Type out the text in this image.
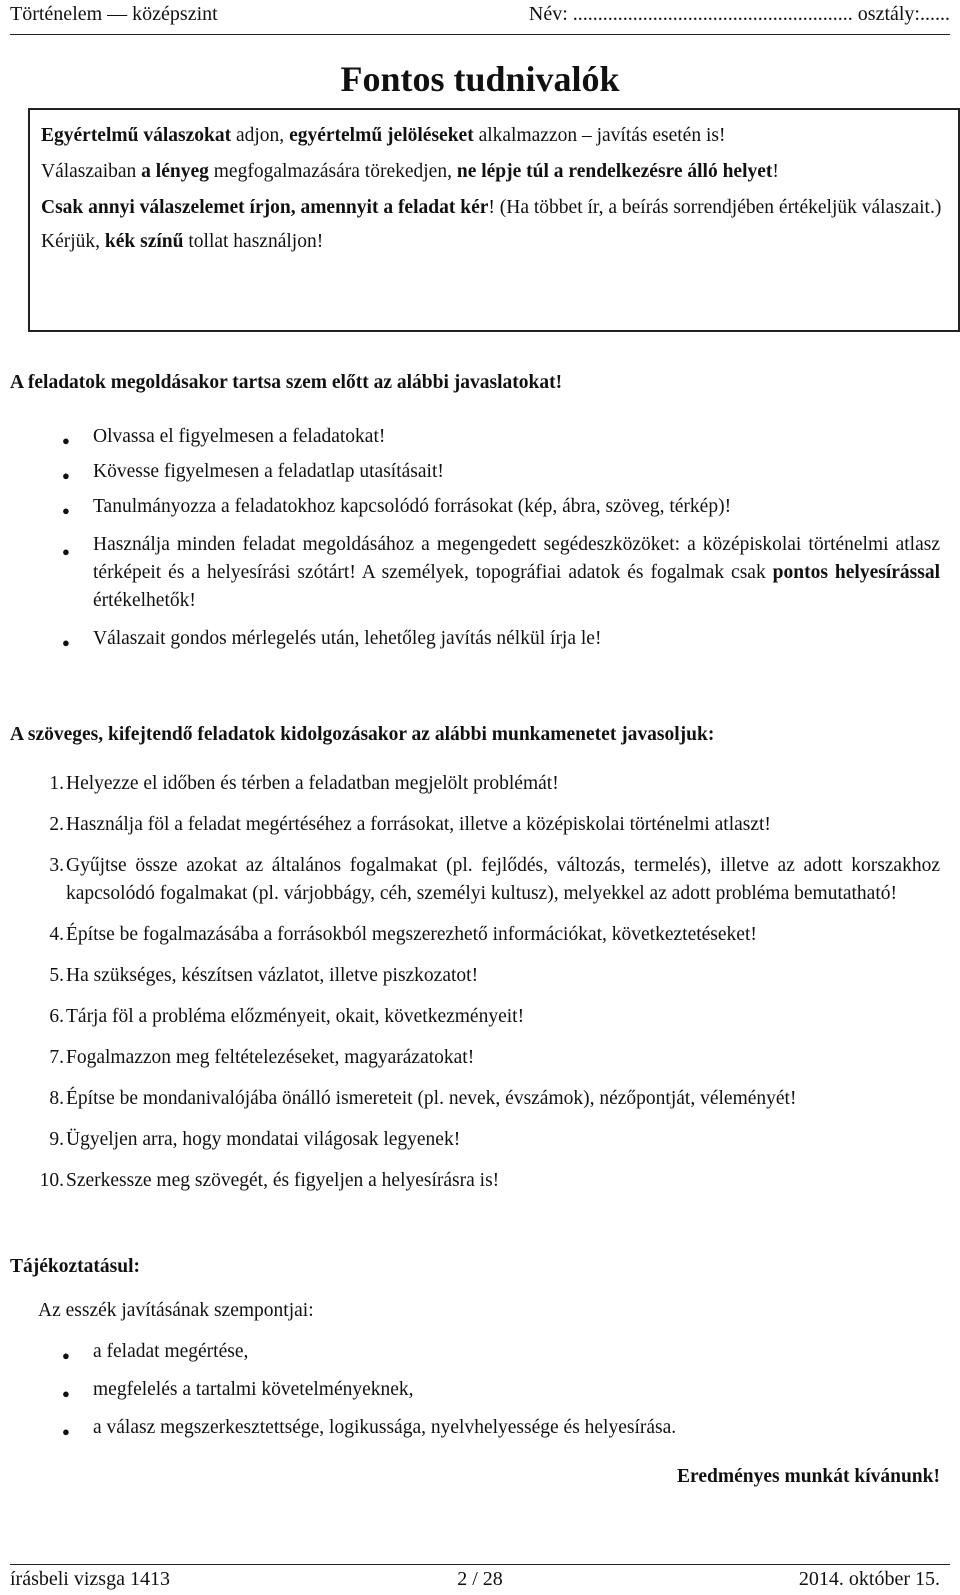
Történelem — középszint	Név: ........................................................ osztály:......
Fontos tudnivalók

Egyértelmű válaszokat adjon, egyértelmű jelöléseket alkalmazzon – javítás esetén is!

Válaszaiban a lényeg megfogalmazására törekedjen, ne lépje túl a rendelkezésre álló helyet!

Csak annyi válaszelemet írjon, amennyit a feladat kér! (Ha többet ír, a beírás sorrendjében értékeljük válaszait.)

Kérjük, kék színű tollat használjon!

A feladatok megoldásakor tartsa szem előtt az alábbi javaslatokat!
● Olvassa el figyelmesen a feladatokat!
● Kövesse figyelmesen a feladatlap utasításait!
● Tanulmányozza a feladatokhoz kapcsolódó forrásokat (kép, ábra, szöveg, térkép)!
● Használja minden feladat megoldásához a megengedett segédeszközöket: a középiskolai történelmi atlasz térképeit és a helyesírási szótárt! A személyek, topográfiai adatok és fogalmak csak pontos helyesírással értékelhetők!
● Válaszait gondos mérlegelés után, lehetőleg javítás nélkül írja le!
A szöveges, kifejtendő feladatok kidolgozásakor az alábbi munkamenetet javasoljuk:
1. Helyezze el időben és térben a feladatban megjelölt problémát!
2. Használja föl a feladat megértéséhez a forrásokat, illetve a középiskolai történelmi atlaszt!
3. Gyűjtse össze azokat az általános fogalmakat (pl. fejlődés, változás, termelés), illetve az adott korszakhoz kapcsolódó fogalmakat (pl. várjobbágy, céh, személyi kultusz), melyekkel az adott probléma bemutatható!
4. Építse be fogalmazásába a forrásokból megszerezhető információkat, következtetéseket!
5. Ha szükséges, készítsen vázlatot, illetve piszkozatot!
6. Tárja föl a probléma előzményeit, okait, következményeit!
7. Fogalmazzon meg feltételezéseket, magyarázatokat!
8. Építse be mondanivalójába önálló ismereteit (pl. nevek, évszámok), nézőpontját, véleményét!
9. Ügyeljen arra, hogy mondatai világosak legyenek!
10. Szerkessze meg szövegét, és figyeljen a helyesírásra is!
Tájékoztatásul:
Az esszék javításának szempontjai:
● a feladat megértése,
● megfelelés a tartalmi követelményeknek,
● a válasz megszerkesztettsége, logikussága, nyelvhelyessége és helyesírása.
Eredményes munkát kívánunk!
írásbeli vizsga 1413	2 / 28	2014. október 15.
